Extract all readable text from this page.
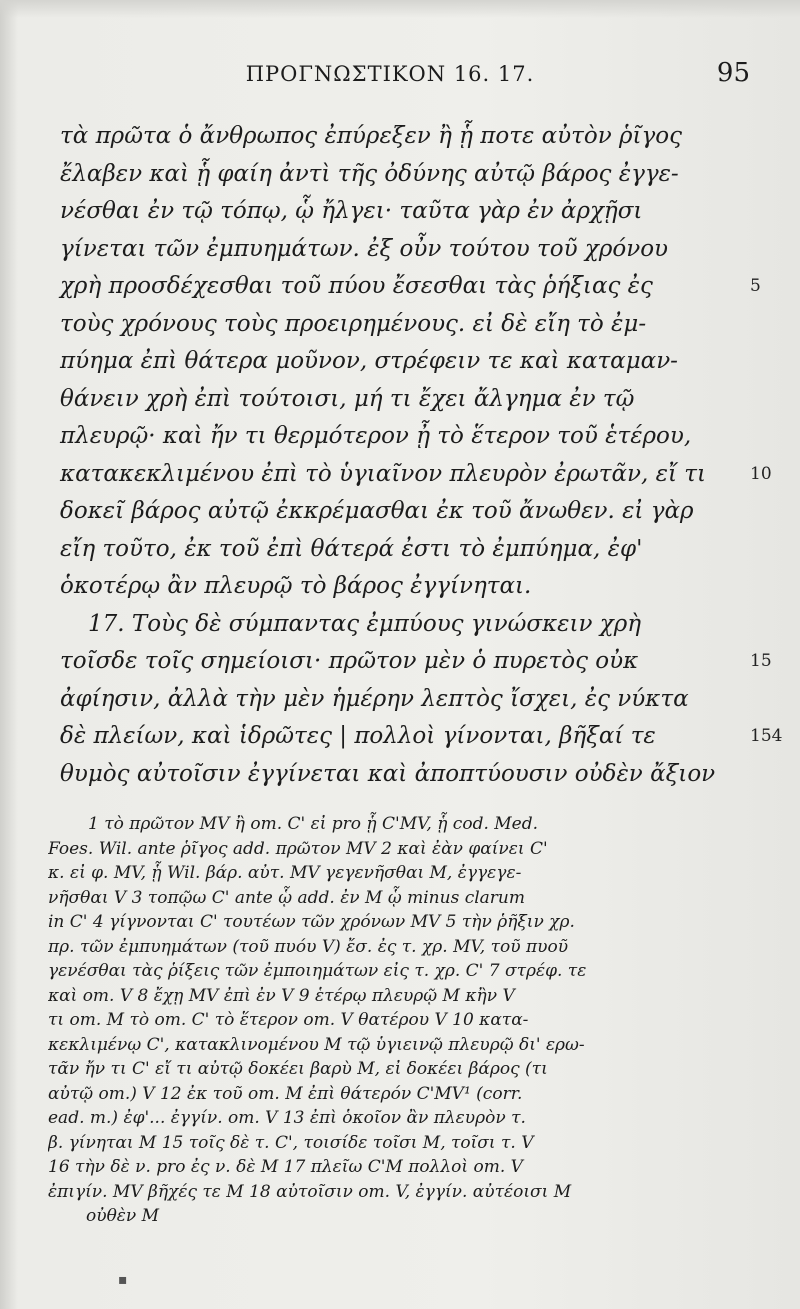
ΠΡΟΓΝΩΣΤΙΚΟΝ 16. 17.	95
τὰ πρῶτα ὁ ἄνθρωπος ἐπύρεξεν ἢ ᾗ ποτε αὐτὸν ῥῖγος
ἔλαβεν καὶ ᾗ φαίη ἀντὶ τῆς ὀδύνης αὐτῷ βάρος ἐγγε-
νέσθαι ἐν τῷ τόπῳ, ᾧ ἤλγει· ταῦτα γὰρ ἐν ἀρχῇσι
γίνεται τῶν ἐμπυημάτων. ἐξ οὖν τούτου τοῦ χρόνου
χρὴ προσδέχεσθαι τοῦ πύου ἔσεσθαι τὰς ῥήξιας ἐς	5
τοὺς χρόνους τοὺς προειρημένους. εἰ δὲ εἴη τὸ ἐμ-
πύημα ἐπὶ θάτερα μοῦνον, στρέφειν τε καὶ καταμαν-
θάνειν χρὴ ἐπὶ τούτοισι, μή τι ἔχει ἄλγημα ἐν τῷ
πλευρῷ· καὶ ἤν τι θερμότερον ᾖ τὸ ἕτερον τοῦ ἑτέρου,
κατακεκλιμένου ἐπὶ τὸ ὑγιαῖνον πλευρὸν ἐρωτᾶν, εἴ τι	10
δοκεῖ βάρος αὐτῷ ἐκκρέμασθαι ἐκ τοῦ ἄνωθεν. εἰ γὰρ
εἴη τοῦτο, ἐκ τοῦ ἐπὶ θάτερά ἐστι τὸ ἐμπύημα, ἐφ'
ὁκοτέρῳ ἂν πλευρῷ τὸ βάρος ἐγγίνηται.
17. Τοὺς δὲ σύμπαντας ἐμπύους γινώσκειν χρὴ
τοῖσδε τοῖς σημείοισι· πρῶτον μὲν ὁ πυρετὸς οὐκ	15
ἀφίησιν, ἀλλὰ τὴν μὲν ἡμέρην λεπτὸς ἴσχει, ἐς νύκτα
δὲ πλείων, καὶ ἱδρῶτες | πολλοὶ γίνονται, βῆξαί τε	154
θυμὸς αὐτοῖσιν ἐγγίνεται καὶ ἀποπτύουσιν οὐδὲν ἄξιον
1 τὸ πρῶτον MV ἢ om. C' εἰ pro ᾗ C'MV, ᾗ cod. Med.
Foes. Wil. ante ῥῖγος add. πρῶτον MV 2 καὶ ἐὰν φαίνει C'
κ. εἰ φ. MV, ᾗ Wil. βάρ. αὐτ. MV γεγενῆσθαι M, ἐγγεγε-
νῆσθαι V 3 τοπῷω C' ante ᾧ add. ἐν M ᾧ minus clarum
in C' 4 γίγνονται C' τουτέων τῶν χρόνων MV 5 τὴν ῥῆξιν χρ.
πρ. τῶν ἐμπυημάτων (τοῦ πυόυ V) ἔσ. ἐς τ. χρ. MV, τοῦ πυοῦ
γενέσθαι τὰς ῥίξεις τῶν ἐμποιημάτων εἰς τ. χρ. C' 7 στρέφ. τε
καὶ om. V 8 ἔχῃ MV ἐπὶ ἐν V 9 ἑτέρῳ πλευρῷ M κἢν V
τι om. M τὸ om. C' τὸ ἕτερον om. V θατέρου V 10 κατα-
κεκλιμένῳ C', κατακλινομένου M τῷ ὑγιεινῷ πλευρῷ δι' ερω-
τᾶν ἤν τι C' εἴ τι αὐτῷ δοκέει βαρὺ M, εἰ δοκέει βάρος (τι
αὐτῷ om.) V 12 ἐκ τοῦ om. M ἐπὶ θάτερόν C'MV¹ (corr.
ead. m.) ἐφ'... ἐγγίν. om. V 13 ἐπὶ ὁκοῖον ἂν πλευρὸν τ.
β. γίνηται M 15 τοῖς δὲ τ. C', τοισίδε τοῖσι M, τοῖσι τ. V
16 τὴν δὲ ν. pro ἐς ν. δὲ M 17 πλεῖω C'M πολλοὶ om. V
ἐπιγίν. MV βῆχές τε M 18 αὐτοῖσιν om. V, ἐγγίν. αὐτέοισι M
οὐθὲν M
▪
